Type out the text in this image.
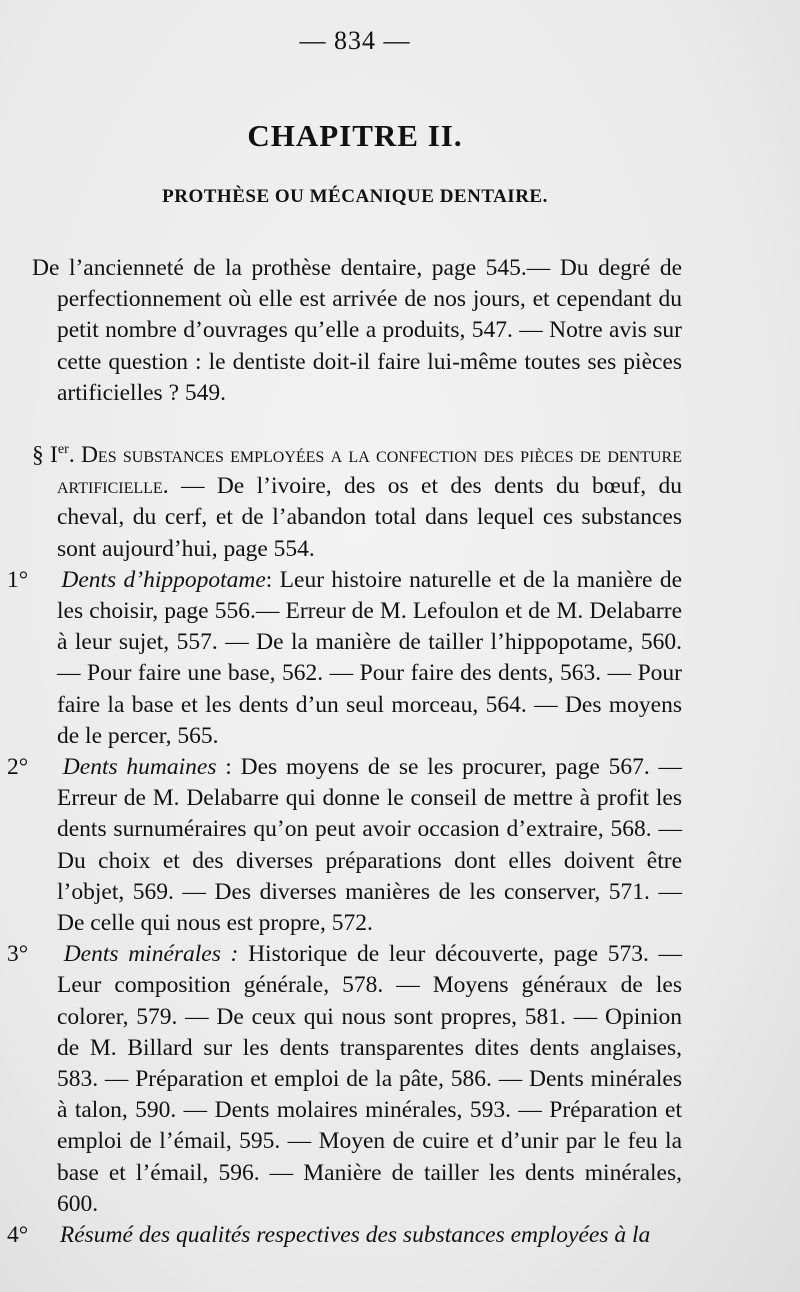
— 834 —
CHAPITRE II.
PROTHÈSE OU MÉCANIQUE DENTAIRE.

De l’ancienneté de la prothèse dentaire, page 545.— Du degré de perfectionnement où elle est arrivée de nos jours, et cependant du petit nombre d’ouvrages qu’elle a produits, 547. — Notre avis sur cette question : le dentiste doit-il faire lui-même toutes ses pièces artificielles ? 549.

§ Ier. Des substances employées a la confection des pièces de denture artificielle. — De l’ivoire, des os et des dents du bœuf, du cheval, du cerf, et de l’abandon total dans lequel ces substances sont aujourd’hui, page 554.

1° Dents d’hippopotame: Leur histoire naturelle et de la manière de les choisir, page 556.— Erreur de M. Lefoulon et de M. Delabarre à leur sujet, 557. — De la manière de tailler l’hippopotame, 560. — Pour faire une base, 562. — Pour faire des dents, 563. — Pour faire la base et les dents d’un seul morceau, 564. — Des moyens de le percer, 565.

2° Dents humaines : Des moyens de se les procurer, page 567. — Erreur de M. Delabarre qui donne le conseil de mettre à profit les dents surnuméraires qu’on peut avoir occasion d’extraire, 568. — Du choix et des diverses préparations dont elles doivent être l’objet, 569. — Des diverses manières de les conserver, 571. — De celle qui nous est propre, 572.

3° Dents minérales : Historique de leur découverte, page 573. — Leur composition générale, 578. — Moyens généraux de les colorer, 579. — De ceux qui nous sont propres, 581. — Opinion de M. Billard sur les dents transparentes dites dents anglaises, 583. — Préparation et emploi de la pâte, 586. — Dents minérales à talon, 590. — Dents molaires minérales, 593. — Préparation et emploi de l’émail, 595. — Moyen de cuire et d’unir par le feu la base et l’émail, 596. — Manière de tailler les dents minérales, 600.

4° Résumé des qualités respectives des substances employées à la
